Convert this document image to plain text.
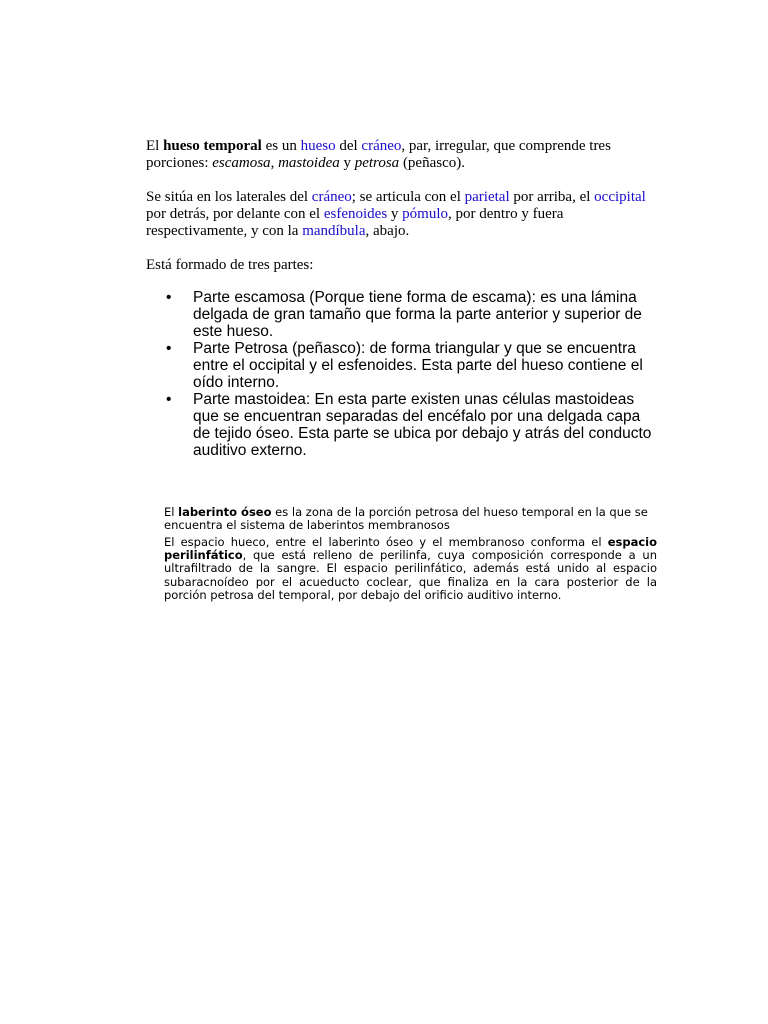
El hueso temporal es un hueso del cráneo, par, irregular, que comprende tres porciones: escamosa, mastoidea y petrosa (peñasco).

Se sitúa en los laterales del cráneo; se articula con el parietal por arriba, el occipital por detrás, por delante con el esfenoides y pómulo, por dentro y fuera respectivamente, y con la mandíbula, abajo.

Está formado de tres partes:

• Parte escamosa (Porque tiene forma de escama): es una lámina delgada de gran tamaño que forma la parte anterior y superior de este hueso.
• Parte Petrosa (peñasco): de forma triangular y que se encuentra entre el occipital y el esfenoides. Esta parte del hueso contiene el oído interno.
• Parte mastoidea: En esta parte existen unas células mastoideas que se encuentran separadas del encéfalo por una delgada capa de tejido óseo. Esta parte se ubica por debajo y atrás del conducto auditivo externo.

El laberinto óseo es la zona de la porción petrosa del hueso temporal en la que se encuentra el sistema de laberintos membranosos

El espacio hueco, entre el laberinto óseo y el membranoso conforma el espacio perilinfático, que está relleno de perilinfa, cuya composición corresponde a un ultrafiltrado de la sangre. El espacio perilinfático, además está unido al espacio subaracnoídeo por el acueducto coclear, que finaliza en la cara posterior de la porción petrosa del temporal, por debajo del orificio auditivo interno.
